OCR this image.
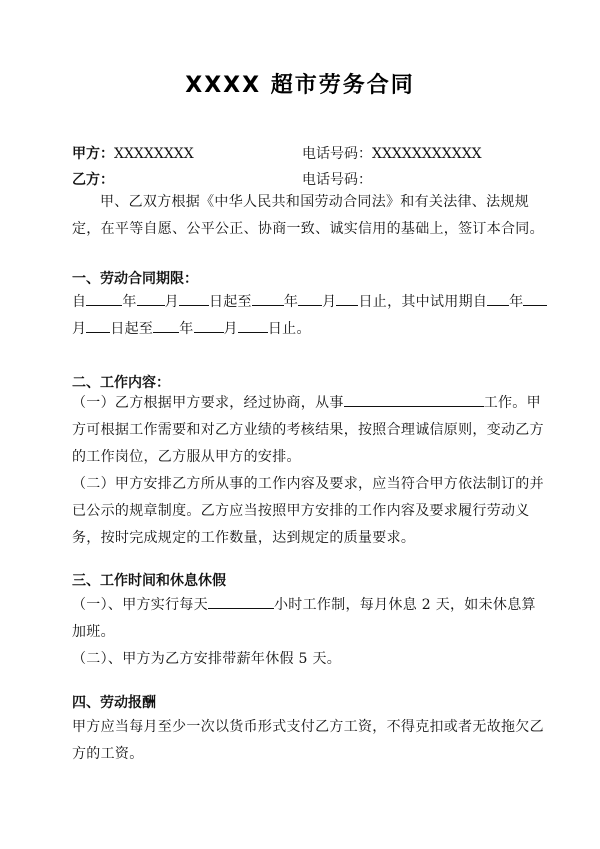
XXXX 超市劳务合同
甲方：XXXXXXXX	电话号码：XXXXXXXXXXX
乙方：	电话号码：
甲、乙双方根据《中华人民共和国劳动合同法》和有关法律、法规规定，在平等自愿、公平公正、协商一致、诚实信用的基础上，签订本合同。
一、劳动合同期限：
自	年 月 日起至 年 月 日止，其中试用期自 年月 日起至 年 月 日止。
二、工作内容：
（一）乙方根据甲方要求，经过协商，从事	工作。甲方可根据工作需要和对乙方业绩的考核结果，按照合理诚信原则，变动乙方的工作岗位，乙方服从甲方的安排。
（二）甲方安排乙方所从事的工作内容及要求，应当符合甲方依法制订的并已公示的规章制度。乙方应当按照甲方安排的工作内容及要求履行劳动义务，按时完成规定的工作数量，达到规定的质量要求。
三、工作时间和休息休假
（一）、甲方实行每天	小时工作制，每月休息 2 天，如未休息算加班。
（二）、甲方为乙方安排带薪年休假 5 天。
四、劳动报酬
甲方应当每月至少一次以货币形式支付乙方工资，不得克扣或者无故拖欠乙方的工资。
